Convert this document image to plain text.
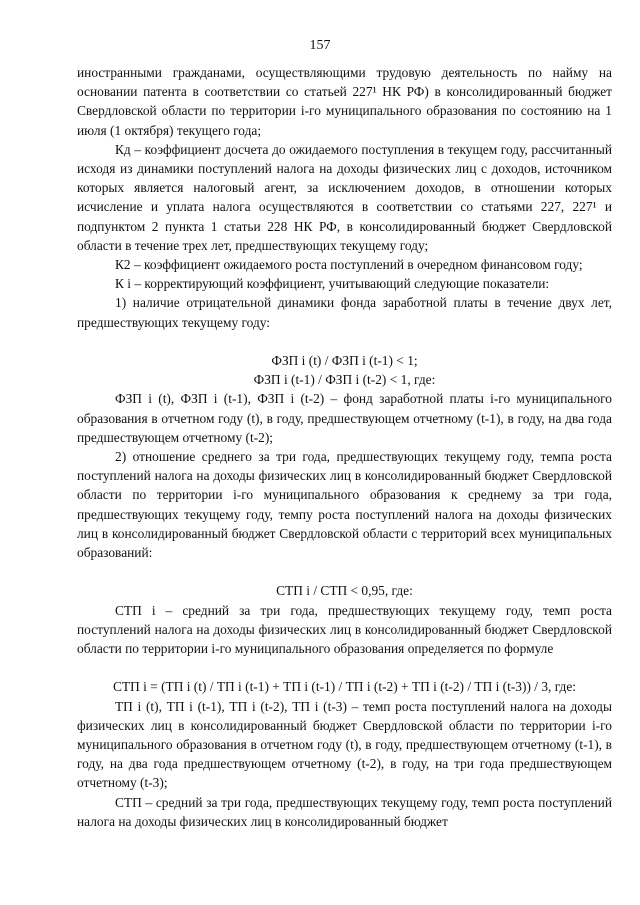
157

иностранными гражданами, осуществляющими трудовую деятельность по найму на основании патента в соответствии со статьей 227¹ НК РФ) в консолидированный бюджет Свердловской области по территории i-го муниципального образования по состоянию на 1 июля (1 октября) текущего года;

Кд – коэффициент досчета до ожидаемого поступления в текущем году, рассчитанный исходя из динамики поступлений налога на доходы физических лиц с доходов, источником которых является налоговый агент, за исключением доходов, в отношении которых исчисление и уплата налога осуществляются в соответствии со статьями 227, 227¹ и подпунктом 2 пункта 1 статьи 228 НК РФ, в консолидированный бюджет Свердловской области в течение трех лет, предшествующих текущему году;

К2 – коэффициент ожидаемого роста поступлений в очередном финансовом году;

К i – корректирующий коэффициент, учитывающий следующие показатели:

1) наличие отрицательной динамики фонда заработной платы в течение двух лет, предшествующих текущему году:

ФЗП i (t) / ФЗП i (t-1) < 1;

ФЗП i (t-1) / ФЗП i (t-2) < 1, где:

ФЗП i (t), ФЗП i (t-1), ФЗП i (t-2) – фонд заработной платы i-го муниципального образования в отчетном году (t), в году, предшествующем отчетному (t-1), в году, на два года предшествующем отчетному (t-2);

2) отношение среднего за три года, предшествующих текущему году, темпа роста поступлений налога на доходы физических лиц в консолидированный бюджет Свердловской области по территории i-го муниципального образования к среднему за три года, предшествующих текущему году, темпу роста поступлений налога на доходы физических лиц в консолидированный бюджет Свердловской области с территорий всех муниципальных образований:

СТП i / СТП < 0,95, где:

СТП i – средний за три года, предшествующих текущему году, темп роста поступлений налога на доходы физических лиц в консолидированный бюджет Свердловской области по территории i-го муниципального образования определяется по формуле

СТП i = (ТП i (t) / ТП i (t-1) + ТП i (t-1) / ТП i (t-2) + ТП i (t-2) / ТП i (t-3)) / 3, где:

ТП i (t), ТП i (t-1), ТП i (t-2), ТП i (t-3) – темп роста поступлений налога на доходы физических лиц в консолидированный бюджет Свердловской области по территории i-го муниципального образования в отчетном году (t), в году, предшествующем отчетному (t-1), в году, на два года предшествующем отчетному (t-2), в году, на три года предшествующем отчетному (t-3);

СТП – средний за три года, предшествующих текущему году, темп роста поступлений налога на доходы физических лиц в консолидированный бюджет
